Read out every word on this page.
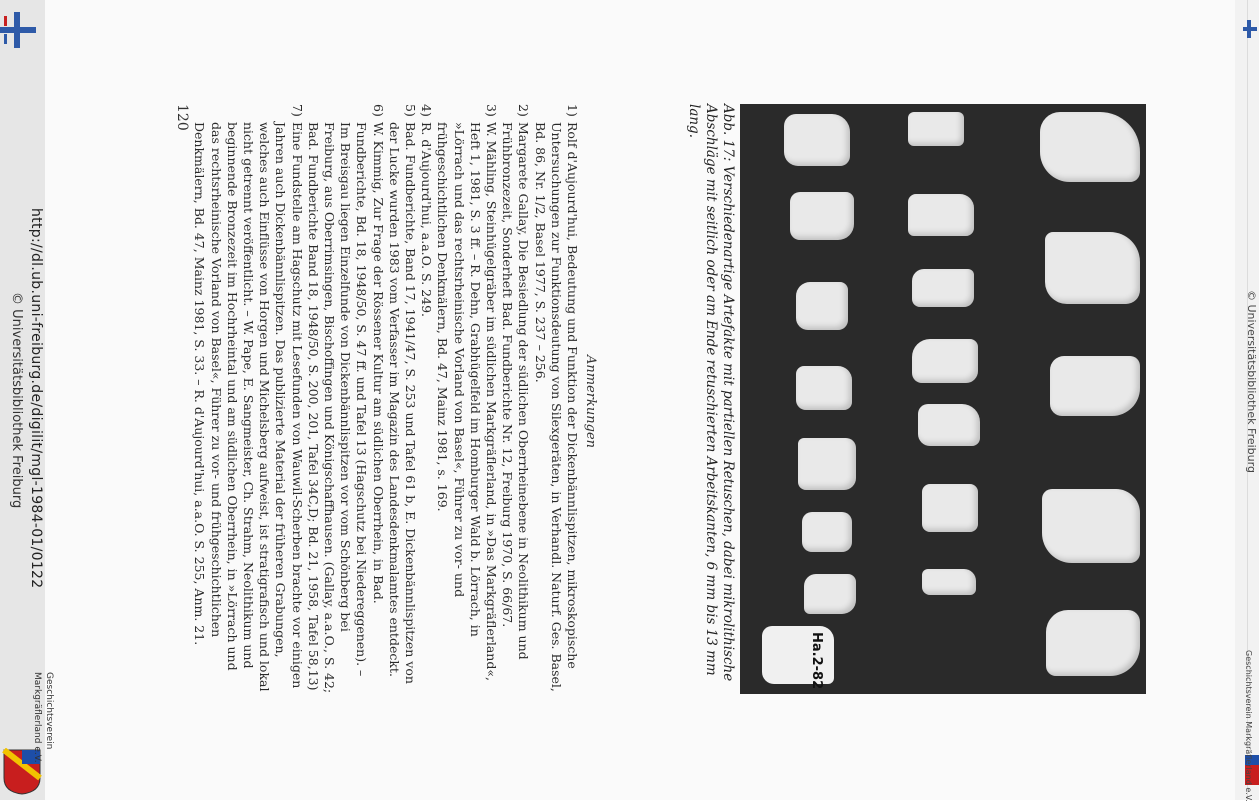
http://dl.ub.uni-freiburg.de/digilit/mgl-1984-01/0122
© Universitätsbibliothek Freiburg
Geschichtsverein
Markgräflerland e.V.
© Universitätsbibliothek Freiburg
Geschichtsverein Markgräflerland e.V.
Ha.2-82
Abb. 17: Verschiedenartige Artefakte mit partiellen Retuschen, dabei mikrolithische Abschläge mit seitlich oder am Ende retuschierten Arbeitskanten, 6 mm bis 13 mm lang.
Anmerkungen
1)
Rolf d'Aujourd'hui, Bedeutung und Funktion der Dickenbännlispitzen, mikroskopische Untersuchungen zur Funktionsdeutung von Silexgeräten, in Verhandl. Naturf. Ges. Basel, Bd. 86, Nr. 1/2, Basel 1977, S. 237 – 256.
2)
Margarete Gallay, Die Besiedlung der südlichen Oberrheinebene in Neolithikum und Frühbronzezeit, Sonderheft Bad. Fundberichte Nr. 12, Freiburg 1970, S. 66/67.
3)
W. Mähling, Steinhügelgräber im südlichen Markgräflerland, in »Das Markgräflerland«, Heft 1, 1981, S. 3 ff. – R. Dehn, Grabhügelfeld im Homburger Wald b. Lörrach, in »Lörrach und das rechtsrheinische Vorland von Basel«, Führer zu vor- und frühgeschichtlichen Denkmälern, Bd. 47, Mainz 1981, s. 169.
4)
R. d'Aujourd'hui, a.a.O. S. 249.
5)
Bad. Fundberichte, Band 17, 1941/47, S. 253 und Tafel 61 b, E. Dickenbännlispitzen von der Lucke wurden 1983 vom Verfasser im Magazin des Landesdenkmalamtes entdeckt.
6)
W. Kimmig, Zur Frage der Rössener Kultur am südlichen Oberrhein, in Bad. Fundberichte, Bd. 18, 1948/50, S. 47 ff. und Tafel 13 (Hagschutz bei Niedereggenen). – Im Breisgau liegen Einzelfunde von Dickenbännlispitzen vor vom Schönberg bei Freiburg, aus Oberrimsingen, Bischoffingen und Königschaffhausen. (Gallay, a.a.O., S. 42; Bad. Fundberichte Band 18, 1948/50, S. 200, 201, Tafel 34C,D; Bd. 21, 1958, Tafel 58,13)
7)
Eine Fundstelle am Hagschutz mit Lesefunden von Wauwil-Scherben brachte vor einigen Jahren auch Dickenbännlispitzen. Das publizierte Material der früheren Grabungen, welches auch Einflüsse von Horgen und Michelsberg aufweist, ist stratigrafisch und lokal nicht getrennt veröffentlicht. – W. Pape, E. Sangmeister, Ch. Strahm, Neolithikum und beginnende Bronzezeit im Hochrheintal und am südlichen Oberrhein, in »Lörrach und das rechtsrheinische Vorland von Basel«, Führer zu vor- und frühgeschichtlichen Denkmälern, Bd. 47, Mainz 1981, S. 33. – R. d'Aujourd'hui, a.a.O. S. 255, Anm. 21.
120
